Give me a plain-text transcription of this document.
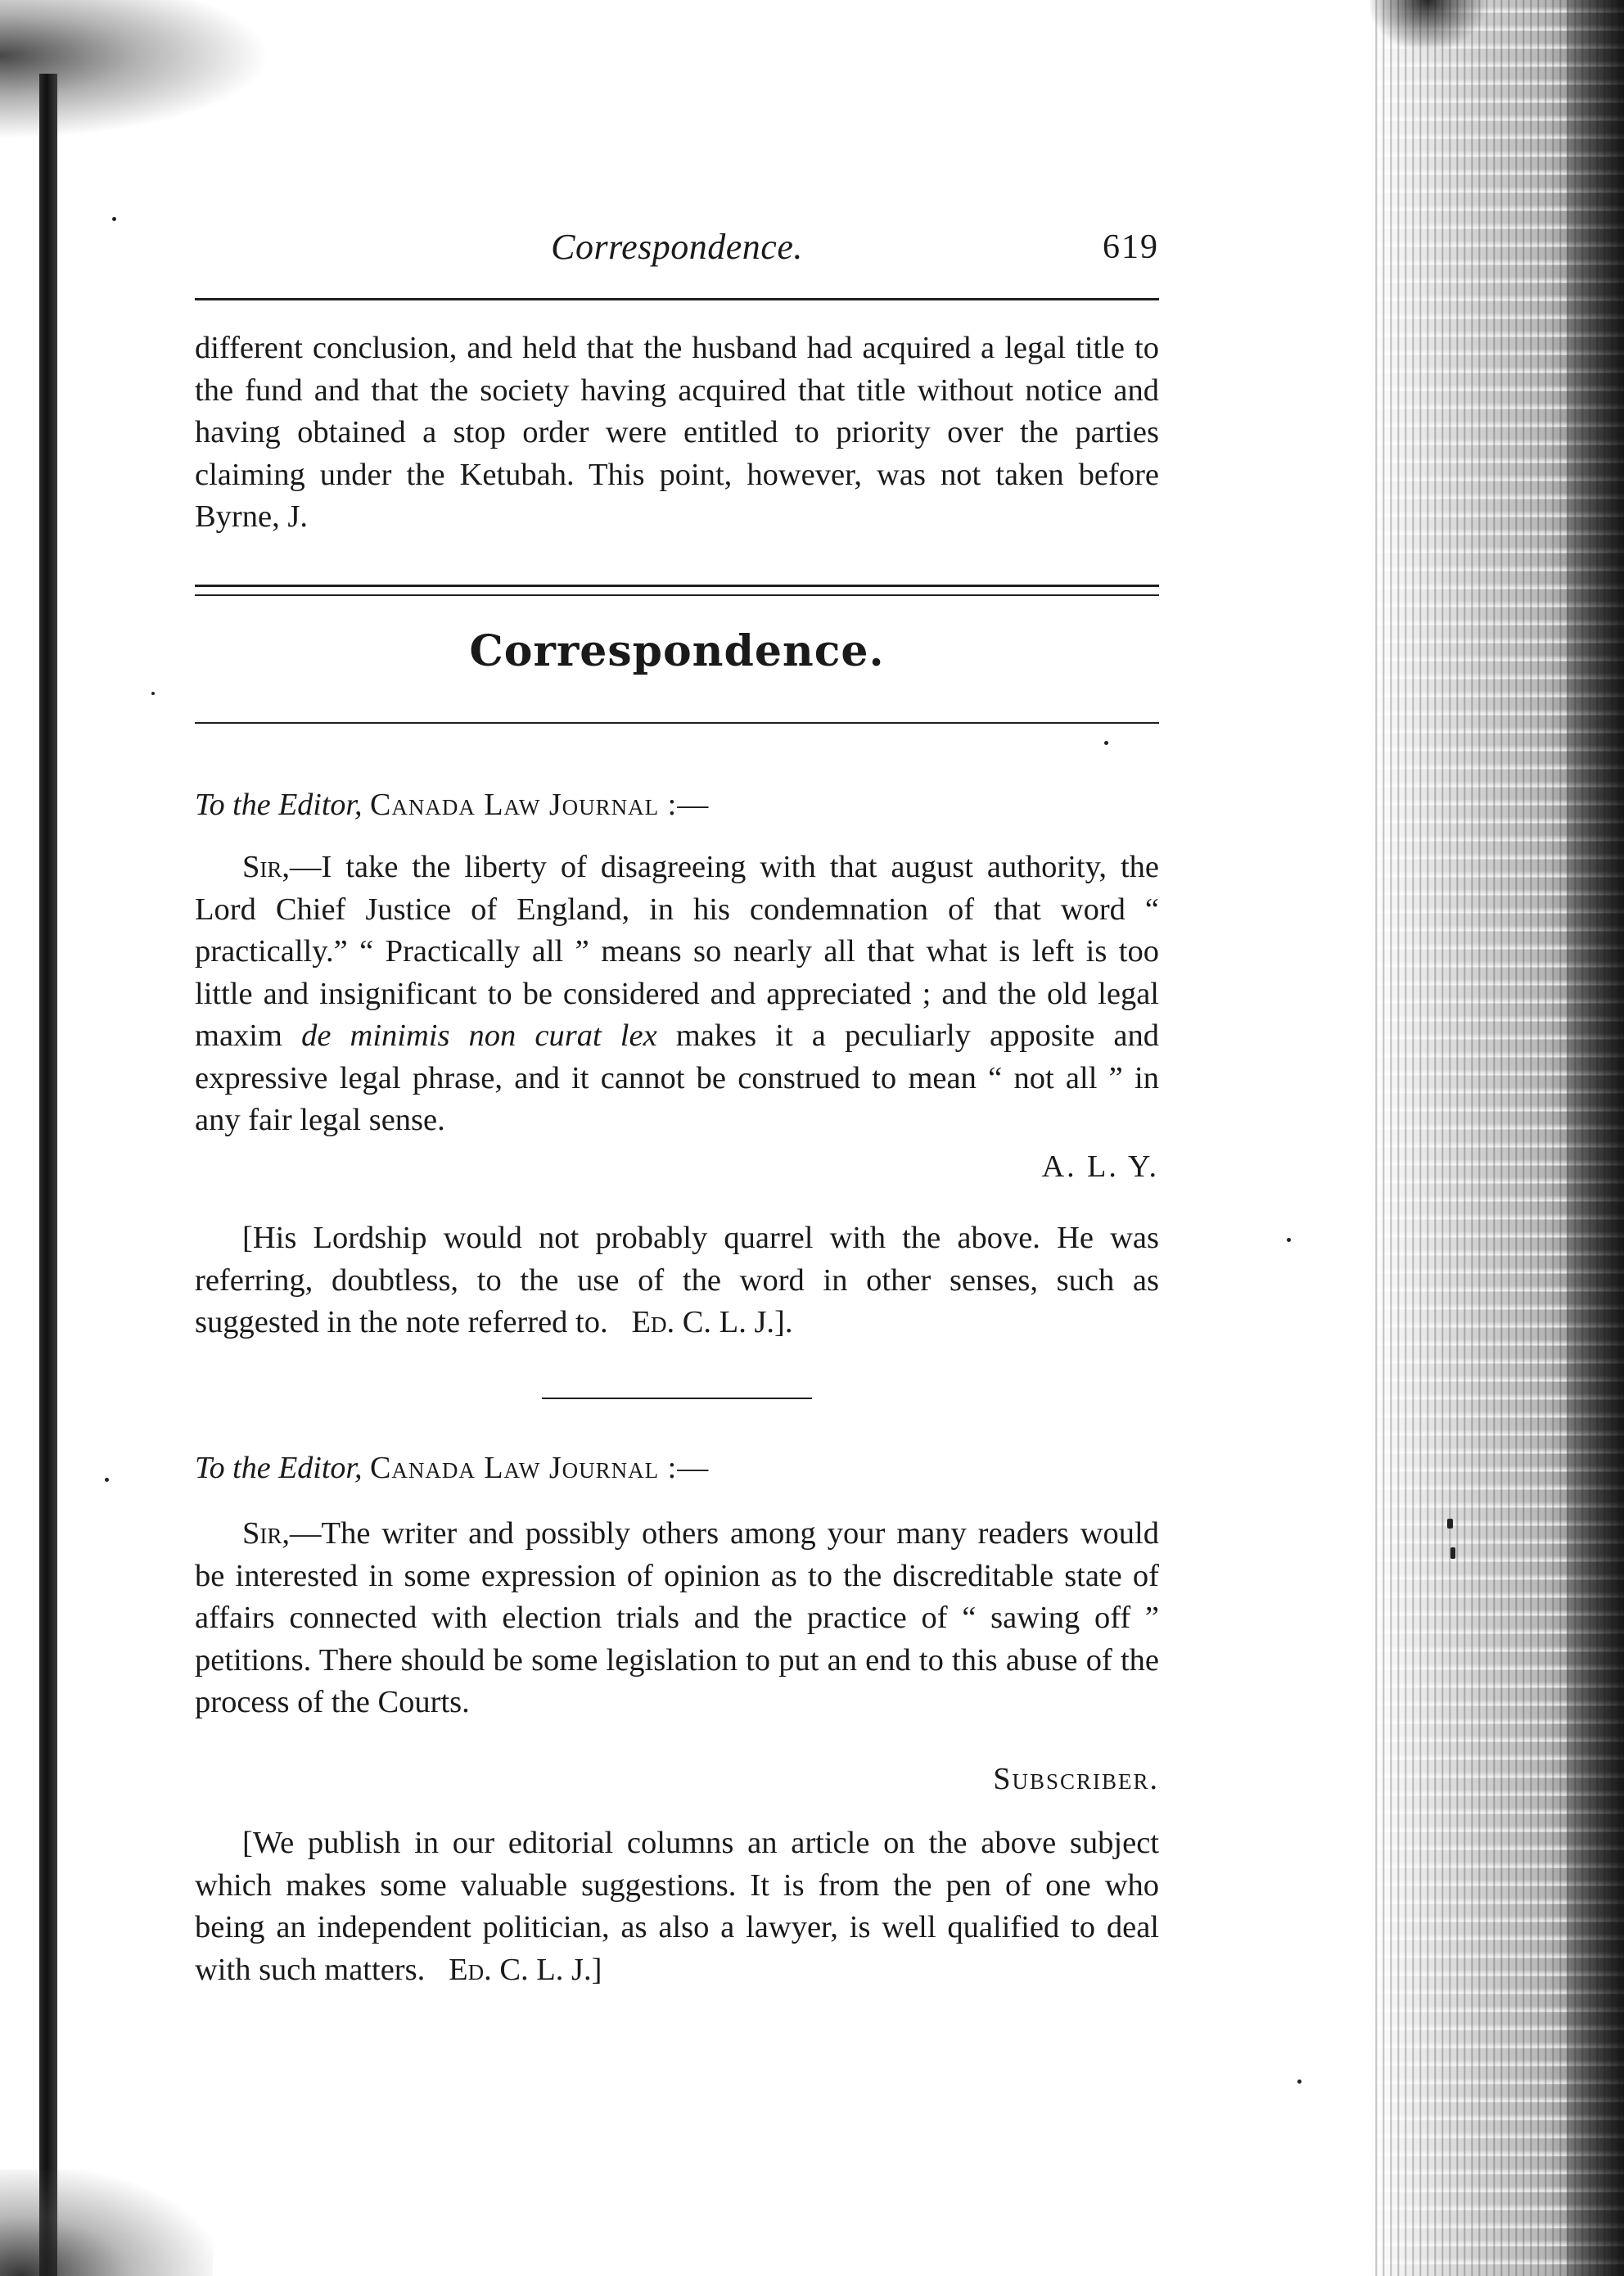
Correspondence.	619

different conclusion, and held that the husband had acquired a legal title to the fund and that the society having acquired that title without notice and having obtained a stop order were entitled to priority over the parties claiming under the Ketubah. This point, however, was not taken before Byrne, J.

Correspondence.
To the Editor, Canada Law Journal :—

Sir,—I take the liberty of disagreeing with that august authority, the Lord Chief Justice of England, in his condemnation of that word “ practically.” “ Practically all ” means so nearly all that what is left is too little and insignificant to be considered and appreciated ; and the old legal maxim de minimis non curat lex makes it a peculiarly apposite and expressive legal phrase, and it cannot be construed to mean “ not all ” in any fair legal sense.

A. L. Y.

[His Lordship would not probably quarrel with the above. He was referring, doubtless, to the use of the word in other senses, such as suggested in the note referred to. Ed. C. L. J.].

To the Editor, Canada Law Journal :—

Sir,—The writer and possibly others among your many readers would be interested in some expression of opinion as to the discreditable state of affairs connected with election trials and the practice of “ sawing off ” petitions. There should be some legislation to put an end to this abuse of the process of the Courts.

Subscriber.

[We publish in our editorial columns an article on the above subject which makes some valuable suggestions. It is from the pen of one who being an independent politician, as also a lawyer, is well qualified to deal with such matters. Ed. C. L. J.]
